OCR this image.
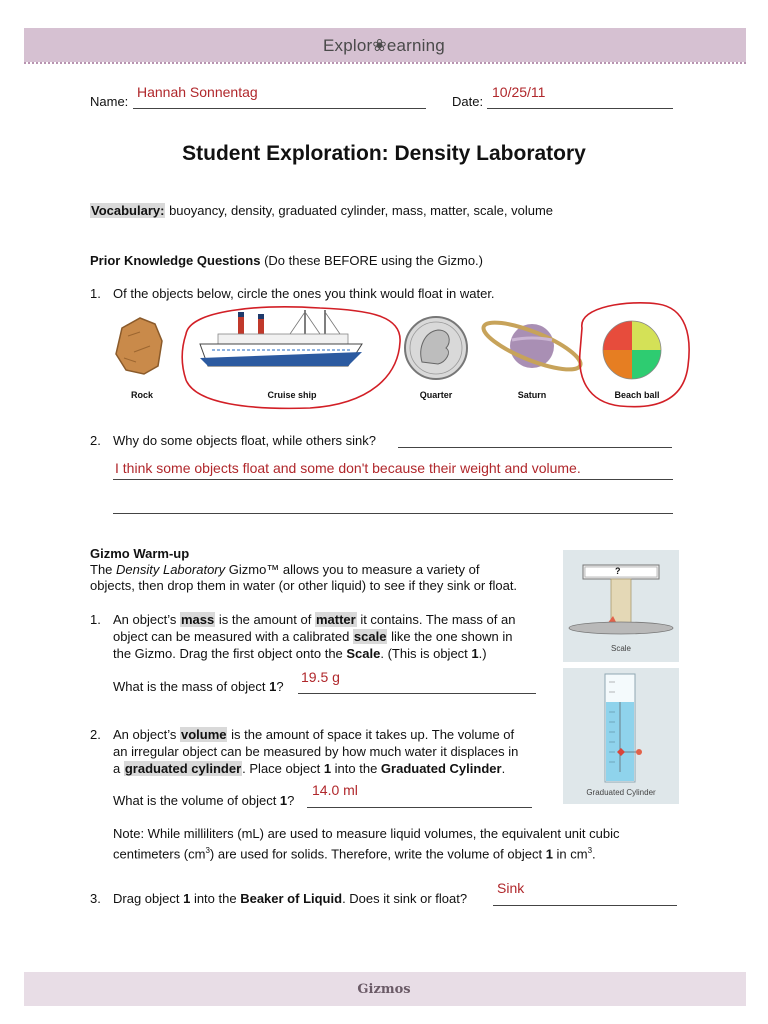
Explor❀earning
Name:
Hannah Sonnentag
Date:
10/25/11
Student Exploration: Density Laboratory
Vocabulary: buoyancy, density, graduated cylinder, mass, matter, scale, volume
Prior Knowledge Questions (Do these BEFORE using the Gizmo.)
1. Of the objects below, circle the ones you think would float in water.
Rock	Cruise ship	Quarter	Saturn	Beach ball
2. Why do some objects float, while others sink?
I think some objects float and some don't because their weight and volume.
Gizmo Warm-up
The Density Laboratory Gizmo™ allows you to measure a variety of
objects, then drop them in water (or other liquid) to see if they sink or float.
1. An object’s mass is the amount of matter it contains. The mass of an
object can be measured with a calibrated scale like the one shown in
the Gizmo. Drag the first object onto the Scale. (This is object 1.)
What is the mass of object 1?
19.5 g
2. An object’s volume is the amount of space it takes up. The volume of
an irregular object can be measured by how much water it displaces in
a graduated cylinder. Place object 1 into the Graduated Cylinder.
What is the volume of object 1?
14.0 ml
Note: While milliliters (mL) are used to measure liquid volumes, the equivalent unit cubic
centimeters $(cm^3)$ are used for solids. Therefore, write the volume of object 1 in $cm^3$.
3. Drag object 1 into the Beaker of Liquid. Does it sink or float?
Sink
?
Scale
Graduated Cylinder
Gizmos
